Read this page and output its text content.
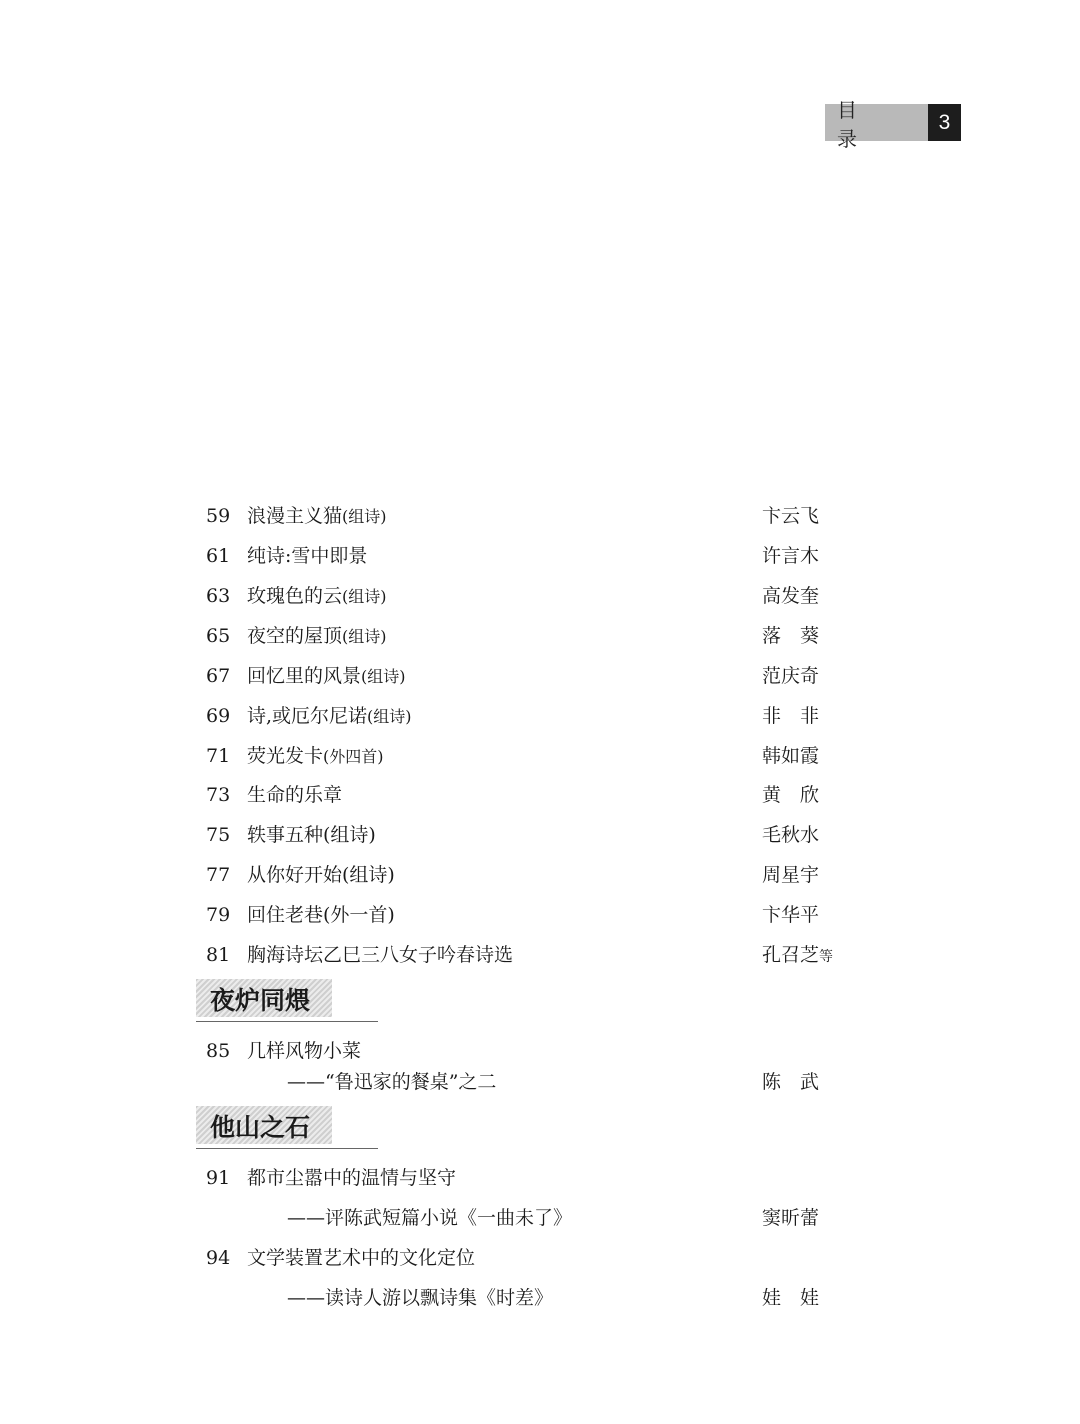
目　　录
3
59 浪漫主义猫(组诗)	卞云飞
61 纯诗:雪中即景	许言木
63 玫瑰色的云(组诗)	高发奎
65 夜空的屋顶(组诗)	落　葵
67 回忆里的风景(组诗)	范庆奇
69 诗,或厄尔尼诺(组诗)	非　非
71 荧光发卡(外四首)	韩如霞
73 生命的乐章	黄　欣
75 轶事五种(组诗)	毛秋水
77 从你好开始(组诗)	周星宇
79 回住老巷(外一首)	卞华平
81 胸海诗坛乙巳三八女子吟春诗选	孔召芝等
夜炉同煨
85 几样风物小菜
——“鲁迅家的餐桌”之二	陈　武
他山之石
91 都市尘嚣中的温情与坚守
——评陈武短篇小说《一曲未了》	窦昕蕾
94 文学装置艺术中的文化定位
——读诗人游以飘诗集《时差》	娃　娃
